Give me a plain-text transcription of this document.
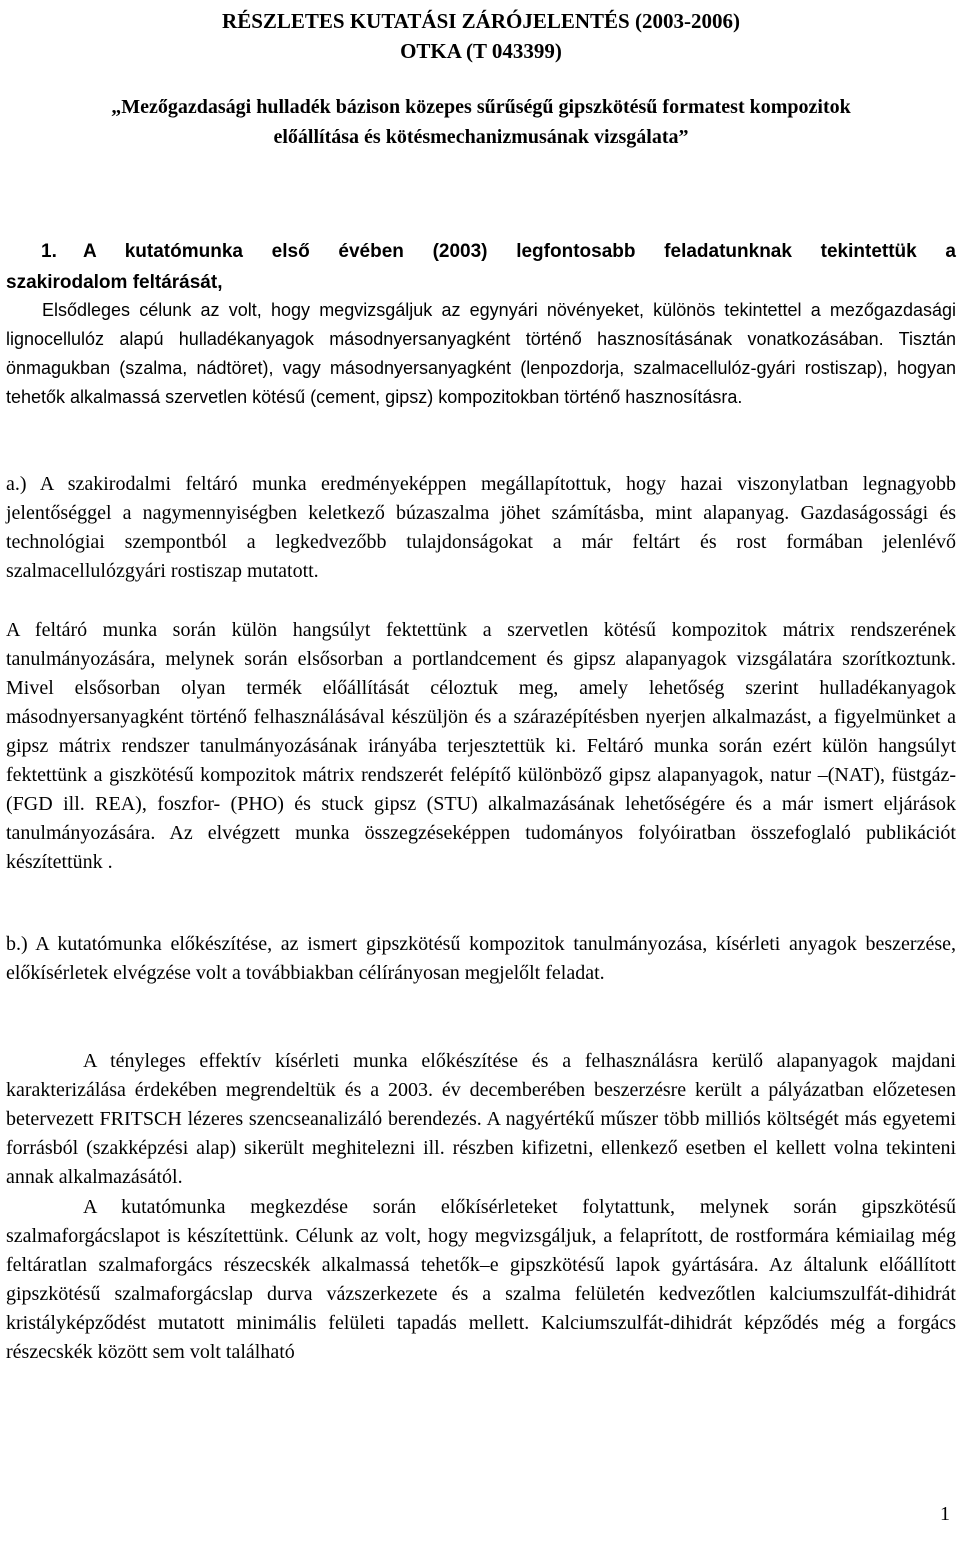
RÉSZLETES KUTATÁSI ZÁRÓJELENTÉS (2003-2006)
OTKA (T 043399)
„Mezőgazdasági hulladék bázison közepes sűrűségű gipszkötésű formatest kompozitok
előállítása és kötésmechanizmusának vizsgálata”
1. A kutatómunka első évében (2003) legfontosabb feladatunknak tekintettük a
szakirodalom feltárását,
Elsődleges célunk az volt, hogy megvizsgáljuk az egynyári növényeket, különös tekintettel a mezőgazdasági lignocellulóz alapú hulladékanyagok másodnyersanyagként történő hasznosításának vonatkozásában. Tisztán önmagukban (szalma, nádtöret), vagy másodnyersanyagként (lenpozdorja, szalmacellulóz-gyári rostiszap), hogyan tehetők alkalmassá szervetlen kötésű (cement, gipsz) kompozitokban történő hasznosításra.
a.) A szakirodalmi feltáró munka eredményeképpen megállapítottuk, hogy hazai viszonylatban legnagyobb jelentőséggel a nagymennyiségben keletkező búzaszalma jöhet számításba, mint alapanyag. Gazdaságossági és technológiai szempontból a legkedvezőbb tulajdonságokat a már feltárt és rost formában jelenlévő szalmacellulózgyári rostiszap mutatott.
A feltáró munka során külön hangsúlyt fektettünk a szervetlen kötésű kompozitok mátrix rendszerének tanulmányozására, melynek során elsősorban a portlandcement és gipsz alapanyagok vizsgálatára szorítkoztunk. Mivel elsősorban olyan termék előállítását céloztuk meg, amely lehetőség szerint hulladékanyagok másodnyersanyagként történő felhasználásával készüljön és a szárazépítésben nyerjen alkalmazást, a figyelmünket a gipsz mátrix rendszer tanulmányozásának irányába terjesztettük ki. Feltáró munka során ezért külön hangsúlyt fektettünk a giszkötésű kompozitok mátrix rendszerét felépítő különböző gipsz alapanyagok, natur –(NAT), füstgáz- (FGD ill. REA), foszfor- (PHO) és stuck gipsz (STU) alkalmazásának lehetőségére és a már ismert eljárások tanulmányozására. Az elvégzett munka összegzéseképpen tudományos folyóiratban összefoglaló publikációt készítettünk .
b.) A kutatómunka előkészítése, az ismert gipszkötésű kompozitok tanulmányozása, kísérleti anyagok beszerzése, előkísérletek elvégzése volt a továbbiakban célírányosan megjelőlt feladat.
A tényleges effektív kísérleti munka előkészítése és a felhasználásra kerülő alapanyagok majdani karakterizálása érdekében megrendeltük és a 2003. év decemberében beszerzésre került a pályázatban előzetesen betervezett FRITSCH lézeres szencseanalizáló berendezés. A nagyértékű műszer több milliós költségét más egyetemi forrásból (szakképzési alap) sikerült meghitelezni ill. részben kifizetni, ellenkező esetben el kellett volna tekinteni annak alkalmazásától.
A kutatómunka megkezdése során előkísérleteket folytattunk, melynek során gipszkötésű szalmaforgácslapot is készítettünk. Célunk az volt, hogy megvizsgáljuk, a felaprított, de rostformára kémiailag még feltáratlan szalmaforgács részecskék alkalmassá tehetők–e gipszkötésű lapok gyártására. Az általunk előállított gipszkötésű szalmaforgácslap durva vázszerkezete és a szalma felületén kedvezőtlen kalciumszulfát-dihidrát kristályképződést mutatott minimális felületi tapadás mellett. Kalciumszulfát-dihidrát képződés még a forgács részecskék között sem volt található
1
